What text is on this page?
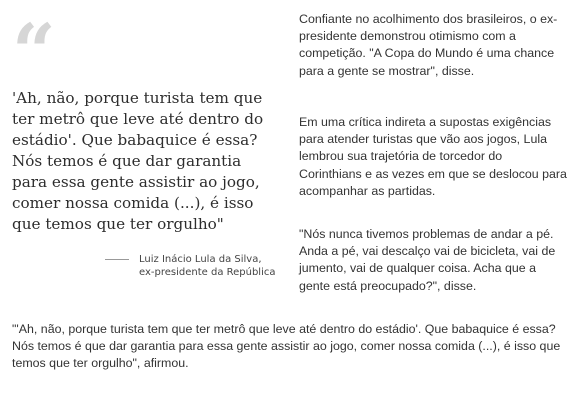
“

'Ah, não, porque turista tem que ter metrô que leve até dentro do estádio'. Que babaquice é essa? Nós temos é que dar garantia para essa gente assistir ao jogo, comer nossa comida (...), é isso que temos que ter orgulho"

Luiz Inácio Lula da Silva,
ex-presidente da República

Confiante no acolhimento dos brasileiros, o ex-presidente demonstrou otimismo com a competição. "A Copa do Mundo é uma chance para a gente se mostrar", disse.

Em uma crítica indireta a supostas exigências para atender turistas que vão aos jogos, Lula lembrou sua trajetória de torcedor do Corinthians e as vezes em que se deslocou para acompanhar as partidas.

"Nós nunca tivemos problemas de andar a pé. Anda a pé, vai descalço vai de bicicleta, vai de jumento, vai de qualquer coisa. Acha que a gente está preocupado?", disse.

"'Ah, não, porque turista tem que ter metrô que leve até dentro do estádio'. Que babaquice é essa? Nós temos é que dar garantia para essa gente assistir ao jogo, comer nossa comida (...), é isso que temos que ter orgulho", afirmou.
